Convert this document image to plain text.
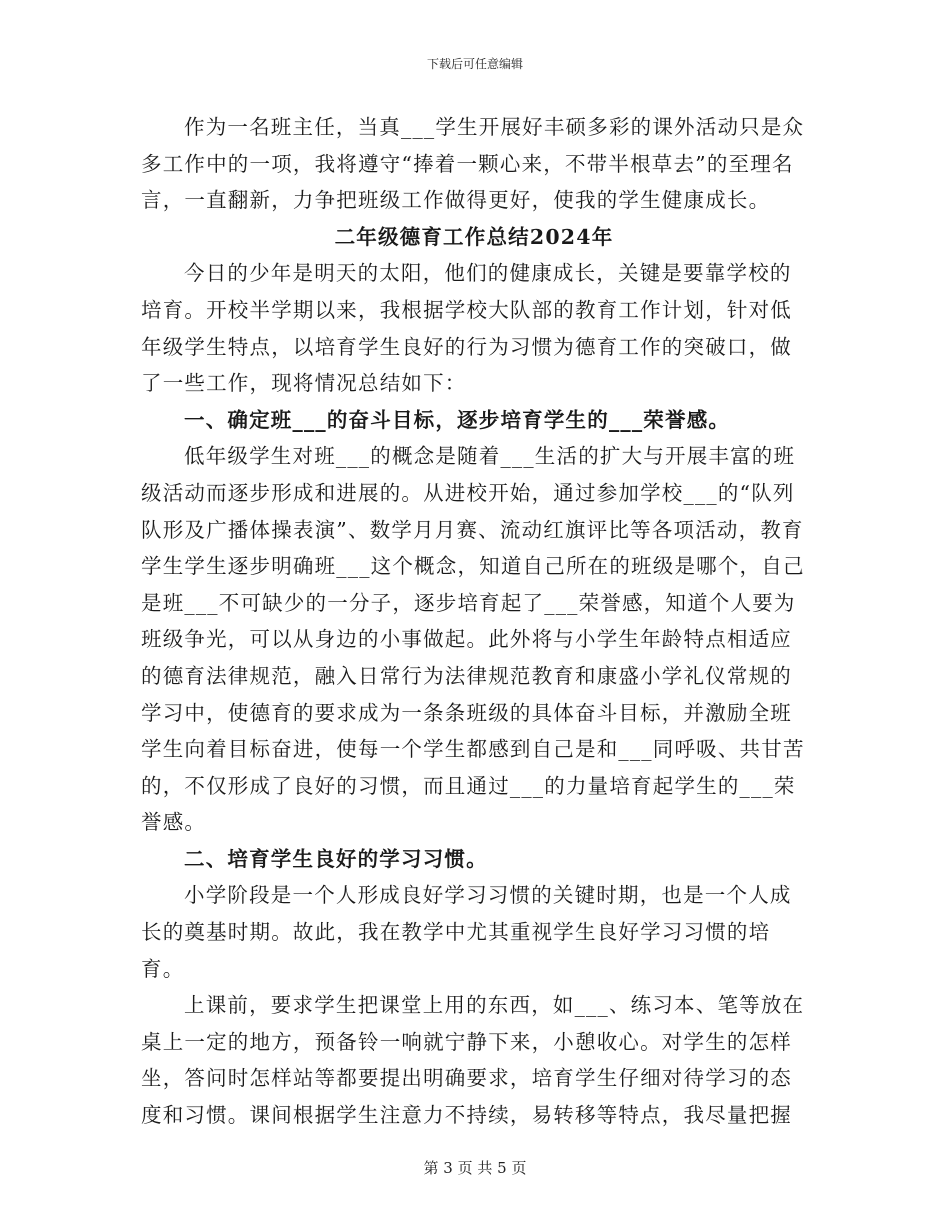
下载后可任意编辑

作为一名班主任，当真___学生开展好丰硕多彩的课外活动只是众多工作中的一项，我将遵守“捧着一颗心来，不带半根草去”的至理名言，一直翻新，力争把班级工作做得更好，使我的学生健康成长。

二年级德育工作总结2024年

今日的少年是明天的太阳，他们的健康成长，关键是要靠学校的培育。开校半学期以来，我根据学校大队部的教育工作计划，针对低年级学生特点，以培育学生良好的行为习惯为德育工作的突破口，做了一些工作，现将情况总结如下：

一、确定班___的奋斗目标，逐步培育学生的___荣誉感。

低年级学生对班___的概念是随着___生活的扩大与开展丰富的班级活动而逐步形成和进展的。从进校开始，通过参加学校___的“队列队形及广播体操表演”、数学月月赛、流动红旗评比等各项活动，教育学生学生逐步明确班___这个概念，知道自己所在的班级是哪个，自己是班___不可缺少的一分子，逐步培育起了___荣誉感，知道个人要为班级争光，可以从身边的小事做起。此外将与小学生年龄特点相适应的德育法律规范，融入日常行为法律规范教育和康盛小学礼仪常规的学习中，使德育的要求成为一条条班级的具体奋斗目标，并激励全班学生向着目标奋进，使每一个学生都感到自己是和___同呼吸、共甘苦的，不仅形成了良好的习惯，而且通过___的力量培育起学生的___荣誉感。

二、培育学生良好的学习习惯。

小学阶段是一个人形成良好学习习惯的关键时期，也是一个人成长的奠基时期。故此，我在教学中尤其重视学生良好学习习惯的培育。

上课前，要求学生把课堂上用的东西，如___、练习本、笔等放在桌上一定的地方，预备铃一响就宁静下来，小憩收心。对学生的怎样坐，答问时怎样站等都要提出明确要求，培育学生仔细对待学习的态度和习惯。课间根据学生注意力不持续，易转移等特点，我尽量把握

第 3 页 共 5 页
